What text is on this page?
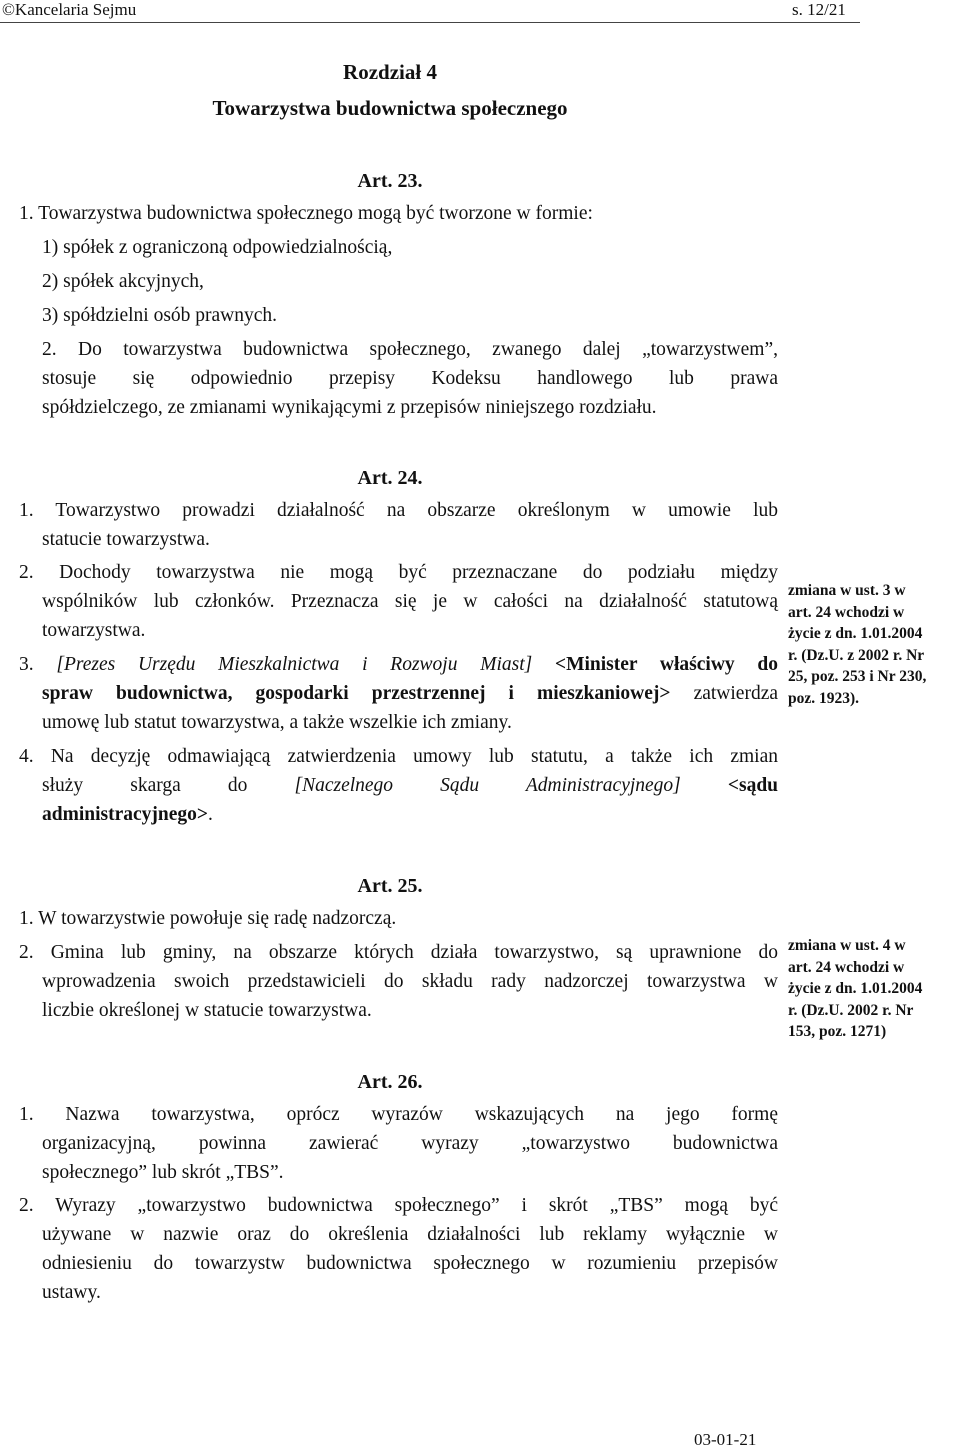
©Kancelaria Sejmu	s. 12/21
Rozdział 4
Towarzystwa budownictwa społecznego
Art. 23.
1. Towarzystwa budownictwa społecznego mogą być tworzone w formie:
1) spółek z ograniczoną odpowiedzialnością,
2) spółek akcyjnych,
3) spółdzielni osób prawnych.
2. Do towarzystwa budownictwa społecznego, zwanego dalej „towarzystwem”,
stosuje się odpowiednio przepisy Kodeksu handlowego lub prawa
spółdzielczego, ze zmianami wynikającymi z przepisów niniejszego rozdziału.
Art. 24.
1. Towarzystwo prowadzi działalność na obszarze określonym w umowie lub
statucie towarzystwa.
2. Dochody towarzystwa nie mogą być przeznaczane do podziału między
wspólników lub członków. Przeznacza się je w całości na działalność statutową
towarzystwa.
3. [Prezes Urzędu Mieszkalnictwa i Rozwoju Miast] <Minister właściwy do
spraw budownictwa, gospodarki przestrzennej i mieszkaniowej> zatwierdza
umowę lub statut towarzystwa, a także wszelkie ich zmiany.
4. Na decyzję odmawiającą zatwierdzenia umowy lub statutu, a także ich zmian
służy skarga do [Naczelnego Sądu Administracyjnego] <sądu
administracyjnego>.
zmiana w ust. 3 w
art. 24 wchodzi w
życie z dn. 1.01.2004
r. (Dz.U. z 2002 r. Nr
25, poz. 253 i Nr 230,
poz. 1923).
Art. 25.
1. W towarzystwie powołuje się radę nadzorczą.
2. Gmina lub gminy, na obszarze których działa towarzystwo, są uprawnione do
wprowadzenia swoich przedstawicieli do składu rady nadzorczej towarzystwa w
liczbie określonej w statucie towarzystwa.
zmiana w ust. 4 w
art. 24 wchodzi w
życie z dn. 1.01.2004
r. (Dz.U. 2002 r. Nr
153, poz. 1271)
Art. 26.
1. Nazwa towarzystwa, oprócz wyrazów wskazujących na jego formę
organizacyjną, powinna zawierać wyrazy „towarzystwo budownictwa
społecznego” lub skrót „TBS”.
2. Wyrazy „towarzystwo budownictwa społecznego” i skrót „TBS” mogą być
używane w nazwie oraz do określenia działalności lub reklamy wyłącznie w
odniesieniu do towarzystw budownictwa społecznego w rozumieniu przepisów
ustawy.
03-01-21
